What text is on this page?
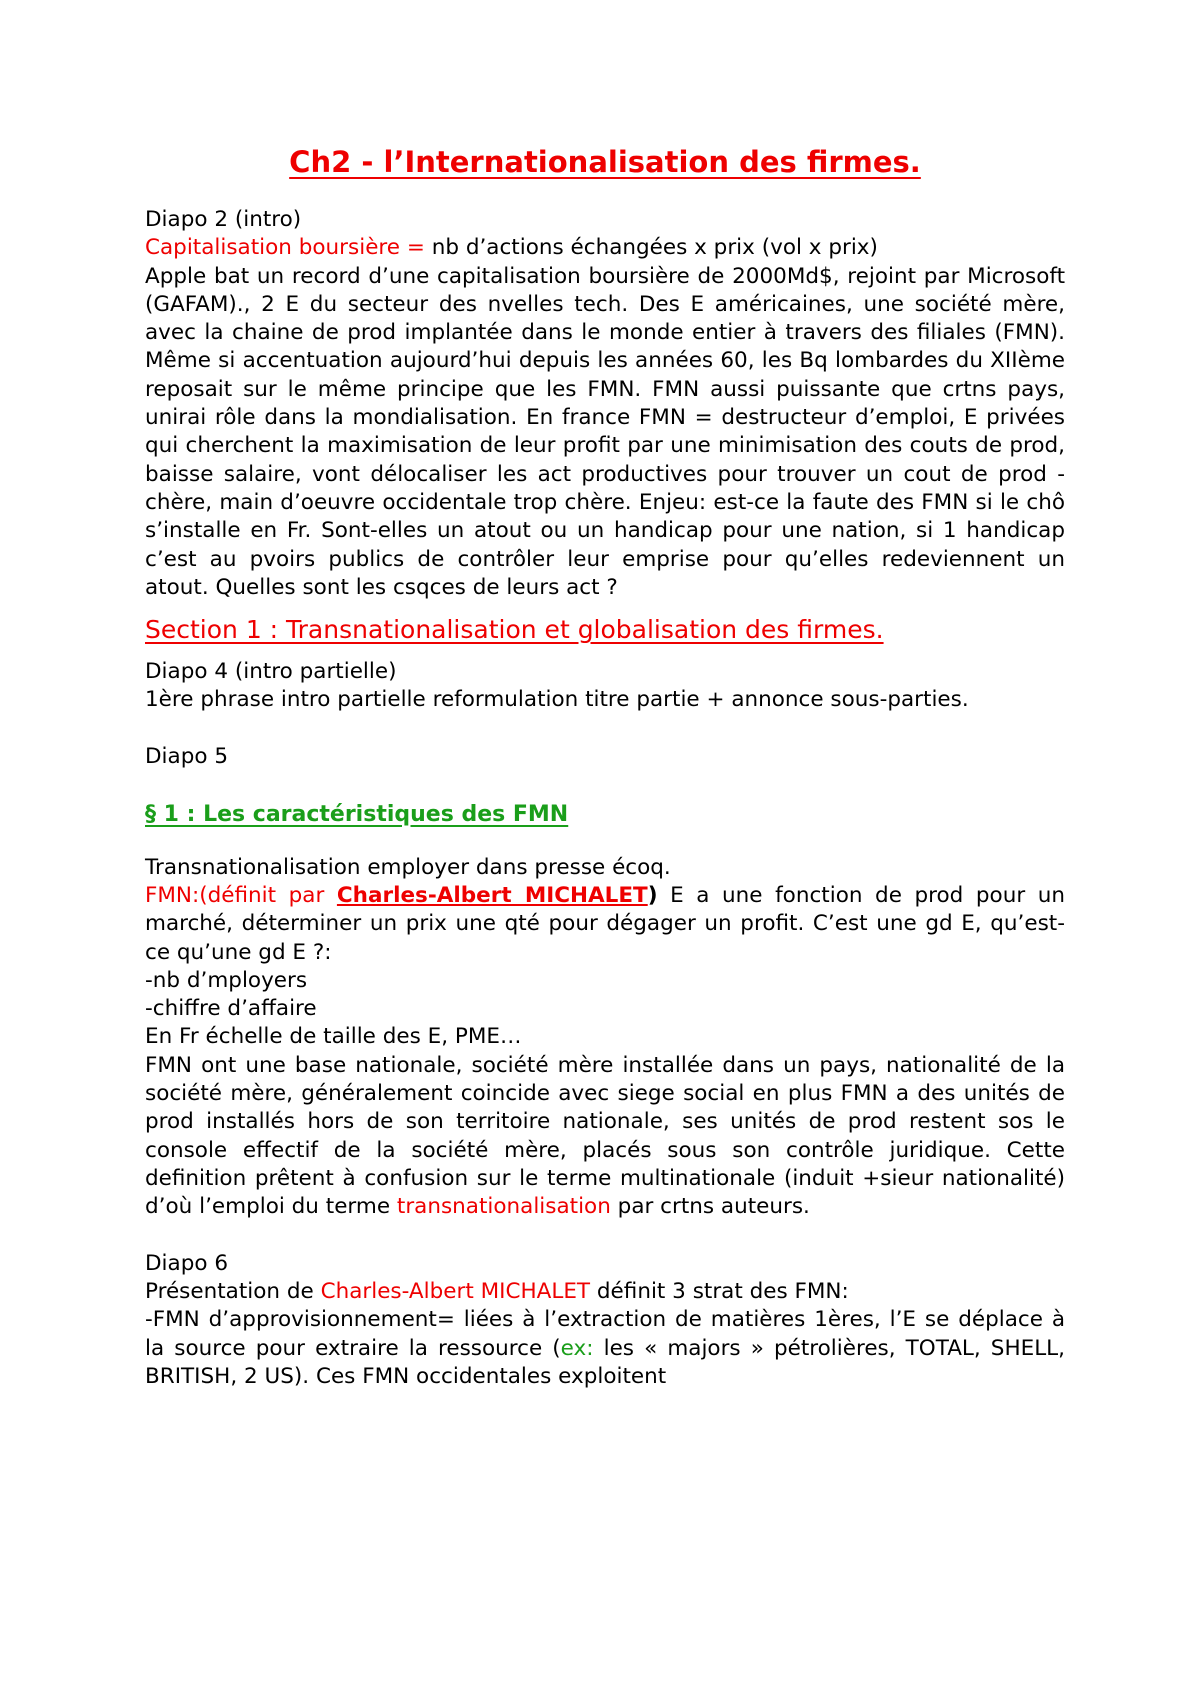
Ch2 - l’Internationalisation des firmes.

Diapo 2 (intro)

Capitalisation boursière = nb d’actions échangées x prix (vol x prix)

Apple bat un record d’une capitalisation boursière de 2000Md$, rejoint par Microsoft (GAFAM)., 2 E du secteur des nvelles tech. Des E américaines, une société mère, avec la chaine de prod implantée dans le monde entier à travers des filiales (FMN). Même si accentuation aujourd’hui depuis les années 60, les Bq lombardes du XIIème reposait sur le même principe que les FMN. FMN aussi puissante que crtns pays, unirai rôle dans la mondialisation. En france FMN = destructeur d’emploi, E privées qui cherchent la maximisation de leur profit par une minimisation des couts de prod, baisse salaire, vont délocaliser les act productives pour trouver un cout de prod - chère, main d’oeuvre occidentale trop chère. Enjeu: est-ce la faute des FMN si le chô s’installe en Fr. Sont-elles un atout ou un handicap pour une nation, si 1 handicap c’est au pvoirs publics de contrôler leur emprise pour qu’elles redeviennent un atout. Quelles sont les csqces de leurs act ?

Section 1 : Transnationalisation et globalisation des firmes.

Diapo 4 (intro partielle)

1ère phrase intro partielle reformulation titre partie + annonce sous-parties.

Diapo 5

§ 1 : Les caractéristiques des FMN

Transnationalisation employer dans presse écoq.

FMN:(définit par Charles-Albert MICHALET) E a une fonction de prod pour un marché, déterminer un prix une qté pour dégager un profit. C’est une gd E, qu’est-ce qu’une gd E ?:

-nb d’mployers

-chiffre d’affaire

En Fr échelle de taille des E, PME…

FMN ont une base nationale, société mère installée dans un pays, nationalité de la société mère, généralement coincide avec siege social en plus FMN a des unités de prod installés hors de son territoire nationale, ses unités de prod restent sos le console effectif de la société mère, placés sous son contrôle juridique. Cette definition prêtent à confusion sur le terme multinationale (induit +sieur nationalité) d’où l’emploi du terme transnationalisation par crtns auteurs.

Diapo 6

Présentation de Charles-Albert MICHALET définit 3 strat des FMN:

-FMN d’approvisionnement= liées à l’extraction de matières 1ères, l’E se déplace à la source pour extraire la ressource (ex: les « majors » pétrolières, TOTAL, SHELL, BRITISH, 2 US). Ces FMN occidentales exploitent
